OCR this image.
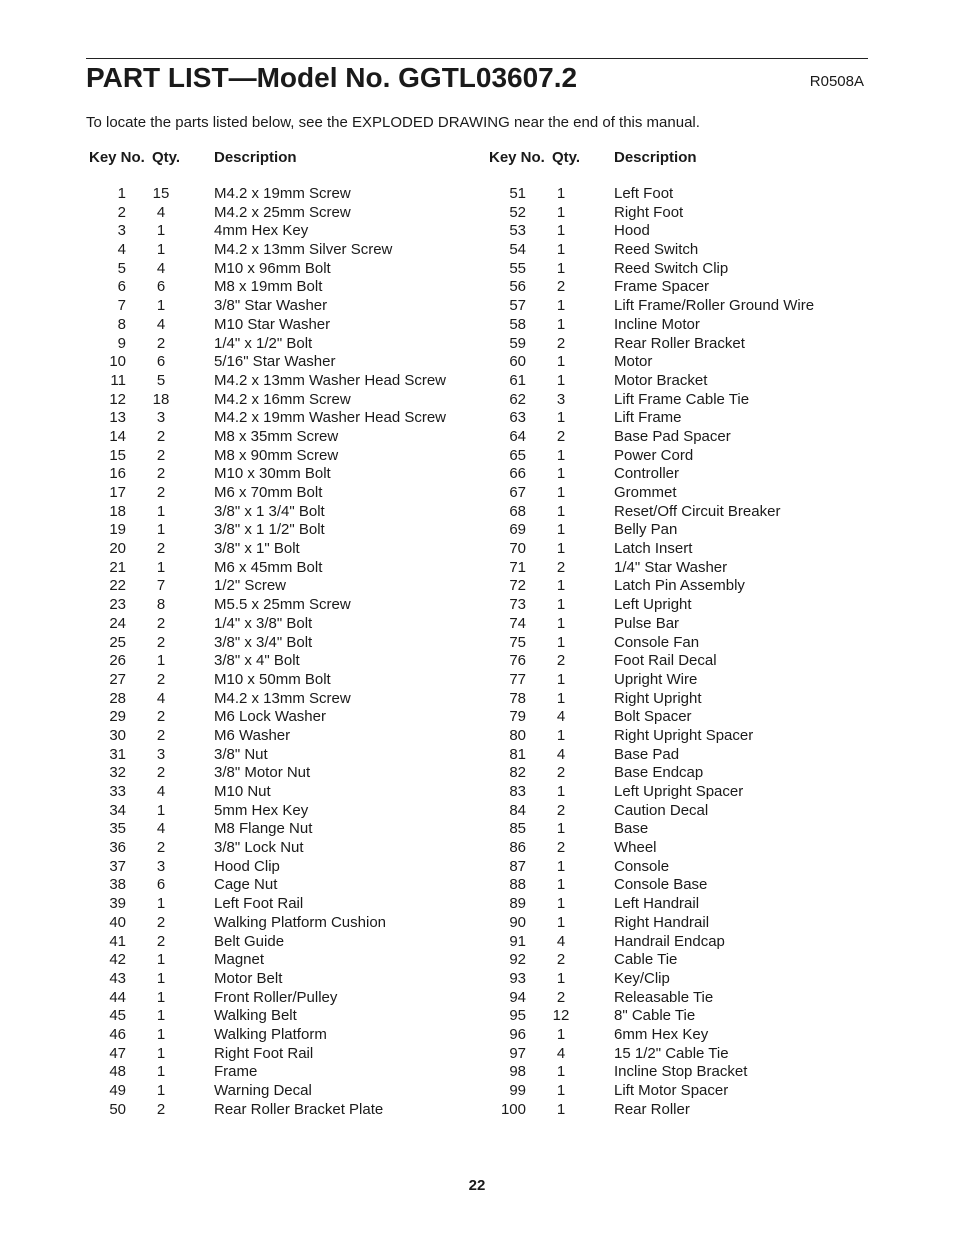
PART LIST—Model No. GGTL03607.2	R0508A
To locate the parts listed below, see the EXPLODED DRAWING near the end of this manual.
Key No. Qty. Description
1 15	M4.2 x 19mm Screw
2	4	M4.2 x 25mm Screw
3	1	4mm Hex Key
4	1	M4.2 x 13mm Silver Screw
5	4	M10 x 96mm Bolt
6	6	M8 x 19mm Bolt
7	1	3/8" Star Washer
8	4	M10 Star Washer
9	2	1/4" x 1/2" Bolt
10	6	5/16" Star Washer
11	5	M4.2 x 13mm Washer Head Screw
12 18	M4.2 x 16mm Screw
13	3	M4.2 x 19mm Washer Head Screw
14	2	M8 x 35mm Screw
15	2	M8 x 90mm Screw
16	2	M10 x 30mm Bolt
17	2	M6 x 70mm Bolt
18	1	3/8" x 1 3/4" Bolt
19	1	3/8" x 1 1/2" Bolt
20	2	3/8" x 1" Bolt
21	1	M6 x 45mm Bolt
22	7	1/2" Screw
23	8	M5.5 x 25mm Screw
24	2	1/4" x 3/8" Bolt
25	2	3/8" x 3/4" Bolt
26	1	3/8" x 4" Bolt
27	2	M10 x 50mm Bolt
28	4	M4.2 x 13mm Screw
29	2	M6 Lock Washer
30	2	M6 Washer
31	3	3/8" Nut
32	2	3/8" Motor Nut
33	4	M10 Nut
34	1	5mm Hex Key
35	4	M8 Flange Nut
36	2	3/8" Lock Nut
37	3	Hood Clip
38	6	Cage Nut
39	1	Left Foot Rail
40	2	Walking Platform Cushion
41	2	Belt Guide
42	1	Magnet
43	1	Motor Belt
44	1	Front Roller/Pulley
45	1	Walking Belt
46	1	Walking Platform
47	1	Right Foot Rail
48	1	Frame
49	1	Warning Decal
50	2	Rear Roller Bracket Plate
Key No. Qty. Description
51	1	Left Foot
52	1	Right Foot
53	1	Hood
54	1	Reed Switch
55	1	Reed Switch Clip
56	2	Frame Spacer
57	1	Lift Frame/Roller Ground Wire
58	1	Incline Motor
59	2	Rear Roller Bracket
60	1	Motor
61	1	Motor Bracket
62	3	Lift Frame Cable Tie
63	1	Lift Frame
64	2	Base Pad Spacer
65	1	Power Cord
66	1	Controller
67	1	Grommet
68	1	Reset/Off Circuit Breaker
69	1	Belly Pan
70	1	Latch Insert
71	2	1/4" Star Washer
72	1	Latch Pin Assembly
73	1	Left Upright
74	1	Pulse Bar
75	1	Console Fan
76	2	Foot Rail Decal
77	1	Upright Wire
78	1	Right Upright
79	4	Bolt Spacer
80	1	Right Upright Spacer
81	4	Base Pad
82	2	Base Endcap
83	1	Left Upright Spacer
84	2	Caution Decal
85	1	Base
86	2	Wheel
87	1	Console
88	1	Console Base
89	1	Left Handrail
90	1	Right Handrail
91	4	Handrail Endcap
92	2	Cable Tie
93	1	Key/Clip
94	2	Releasable Tie
95 12	8" Cable Tie
96	1	6mm Hex Key
97	4	15 1/2" Cable Tie
98	1	Incline Stop Bracket
99	1	Lift Motor Spacer
100	1	Rear Roller
22
